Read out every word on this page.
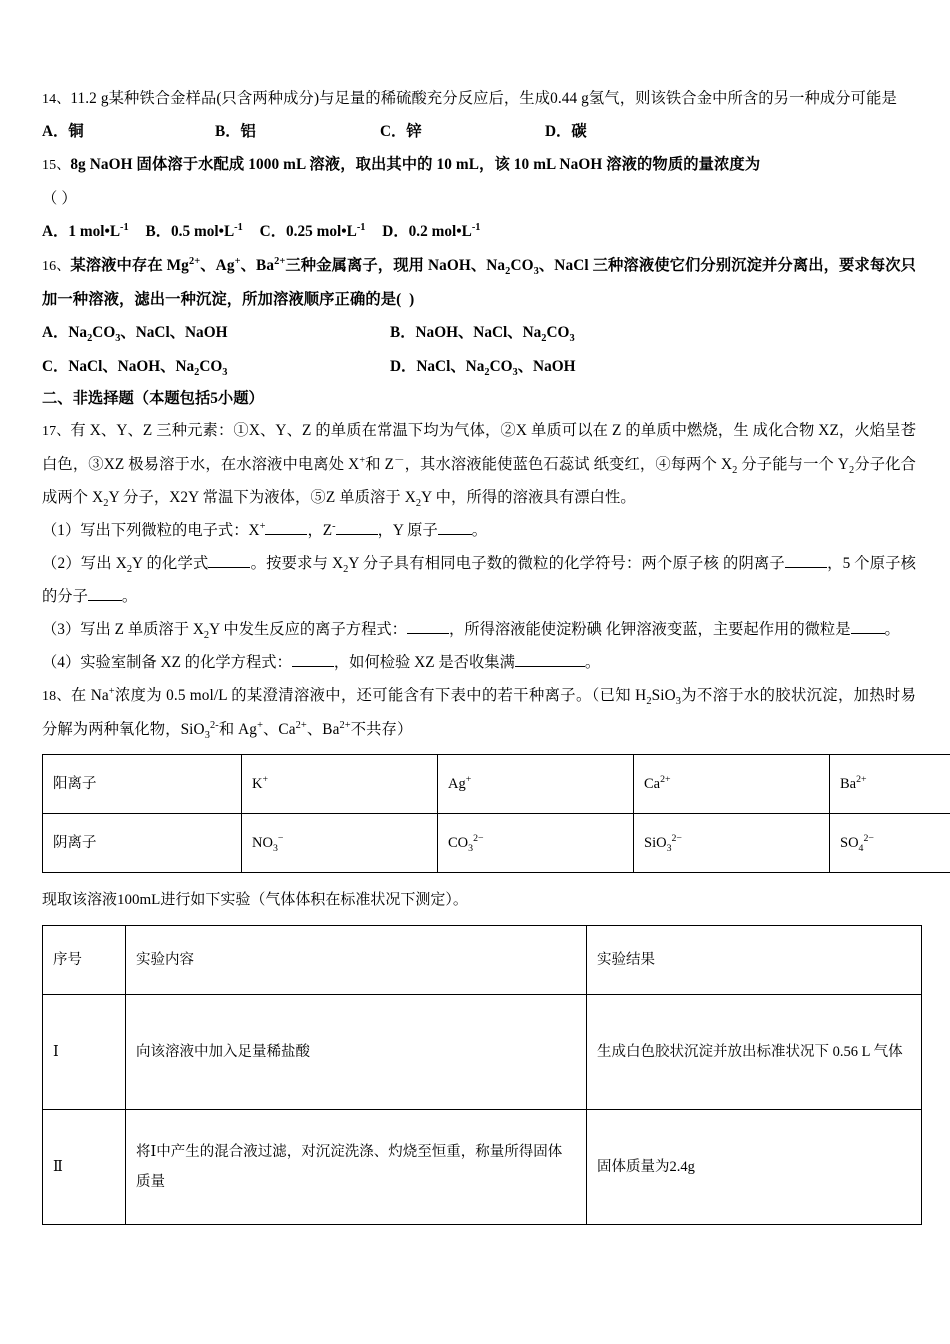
14、11.2 g某种铁合金样品(只含两种成分)与足量的稀硫酸充分反应后，生成0.44 g氢气，则该铁合金中所含的另一种成分可能是
A．铜	B．铝	C．锌	D．碳
15、8g NaOH 固体溶于水配成 1000 mL 溶液，取出其中的 10 mL，该 10 mL NaOH 溶液的物质的量浓度为
（ ）
A．1 $mol•L^{-1}$ B．0.5 $mol•L^{-1}$ C．0.25 $mol•L^{-1}$ D．0.2 $mol•L^{-1}$
16、某溶液中存在 $Mg^{2+}$、Ag+、$Ba^{2+}$三种金属离子，现用 NaOH、$Na_2CO_3$、NaCl 三种溶液使它们分别沉淀并分离出，要求每次只加一种溶液，滤出一种沉淀，所加溶液顺序正确的是(  )
A．$Na_2CO_3$、NaCl、NaOH	B．NaOH、NaCl、$Na_2CO_3$
C．NaCl、NaOH、$Na_2CO_3$	D．NaCl、$Na_2CO_3$、NaOH
二、非选择题（本题包括5小题）
17、有 X、Y、Z 三种元素：①X、Y、Z 的单质在常温下均为气体，②X 单质可以在 Z 的单质中燃烧，生 成化合物 XZ，火焰呈苍白色，③XZ 极易溶于水，在水溶液中电离处 X+和 Z－，其水溶液能使蓝色石蕊试 纸变红，④每两个 $X_2$ 分子能与一个 $Y_2$分子化合成两个 $X_2Y$ 分子，X2Y 常温下为液体，⑤Z 单质溶于 $X_2Y$ 中，所得的溶液具有漂白性。
（1）写出下列微粒的电子式：X+	，Z-	，Y 原子 。
（2）写出 $X_2Y$ 的化学式	。按要求与 $X_2Y$ 分子具有相同电子数的微粒的化学符号：两个原子核 的阴离子	，5 个原子核的分子 。
（3）写出 Z 单质溶于 $X_2Y$ 中发生反应的离子方程式：	，所得溶液能使淀粉碘 化钾溶液变蓝，主要起作用的微粒是 。
（4）实验室制备 XZ 的化学方程式：	，如何检验 XZ 是否收集满	。
18、在 Na+浓度为 0.5 mol/L 的某澄清溶液中，还可能含有下表中的若干种离子。（已知 $H_2SiO_3$为不溶于水的胶状沉淀，加热时易分解为两种氧化物，SiO$_3^{2-}$和 Ag+、$Ca^{2+}$、$Ba^{2+}$不共存）
阳离子	K+	Ag+	$Ca^{2+}$	$Ba^{2+}$
阴离子	$NO_3^-$	$CO_3^{2-}$	SiO$_3^{2-}$	$SO_4^{2-}$
现取该溶液100mL进行如下实验（气体体积在标准状况下测定）。
序号	实验内容	实验结果
Ⅰ	向该溶液中加入足量稀盐酸	生成白色胶状沉淀并放出标准状况下 0.56 L 气体
Ⅱ	将Ⅰ中产生的混合液过滤，对沉淀洗涤、灼烧至恒重，称量所得固体质量	固体质量为2.4g
